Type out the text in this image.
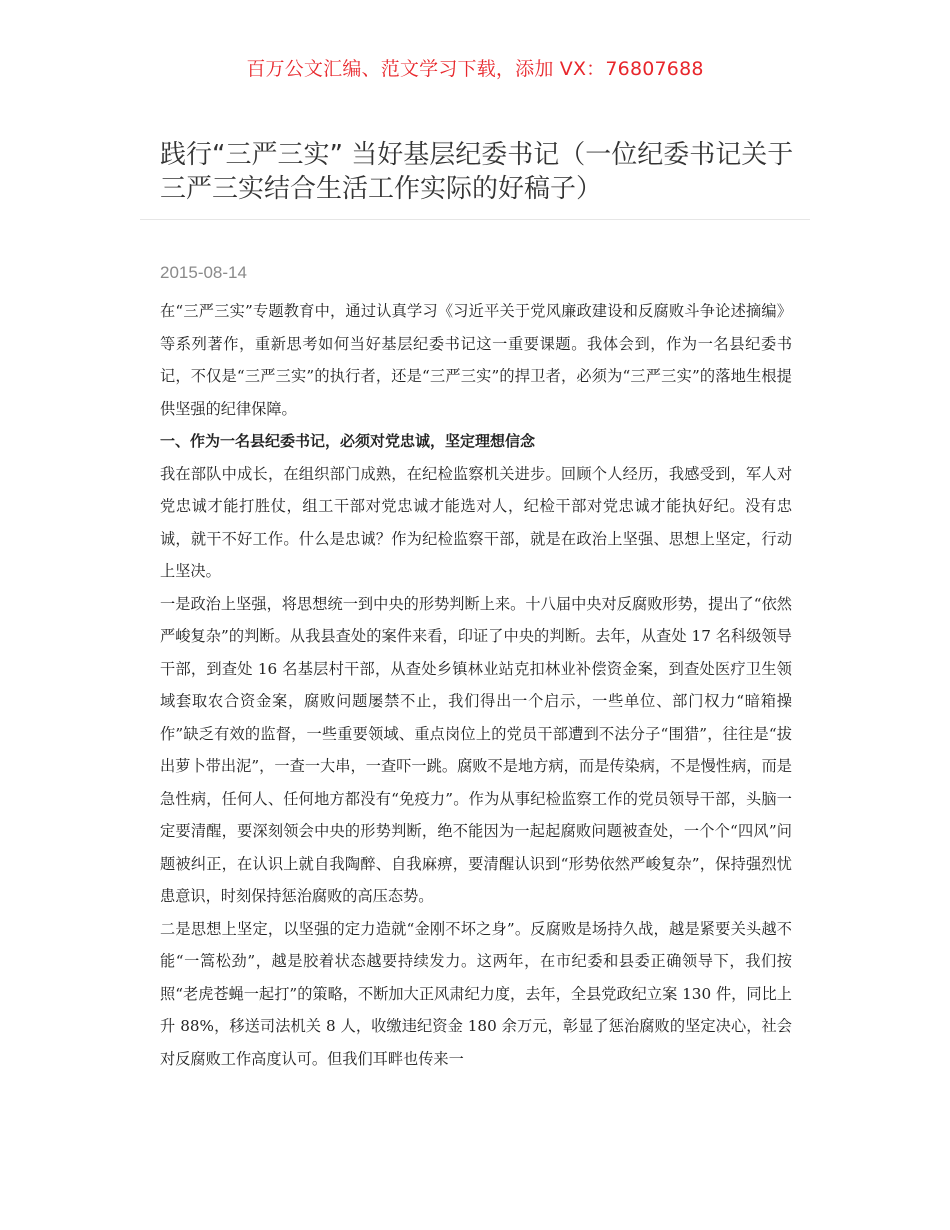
百万公文汇编、范文学习下载，添加 VX：76807688
践行“三严三实” 当好基层纪委书记（一位纪委书记关于三严三实结合生活工作实际的好稿子）
2015-08-14

在“三严三实”专题教育中，通过认真学习《习近平关于党风廉政建设和反腐败斗争论述摘编》等系列著作，重新思考如何当好基层纪委书记这一重要课题。我体会到，作为一名县纪委书记，不仅是“三严三实”的执行者，还是“三严三实”的捍卫者，必须为“三严三实”的落地生根提供坚强的纪律保障。

一、作为一名县纪委书记，必须对党忠诚，坚定理想信念

我在部队中成长，在组织部门成熟，在纪检监察机关进步。回顾个人经历，我感受到，军人对党忠诚才能打胜仗，组工干部对党忠诚才能选对人，纪检干部对党忠诚才能执好纪。没有忠诚，就干不好工作。什么是忠诚？作为纪检监察干部，就是在政治上坚强、思想上坚定，行动上坚决。

一是政治上坚强，将思想统一到中央的形势判断上来。十八届中央对反腐败形势，提出了“依然严峻复杂”的判断。从我县查处的案件来看，印证了中央的判断。去年，从查处 17 名科级领导干部，到查处 16 名基层村干部，从查处乡镇林业站克扣林业补偿资金案，到查处医疗卫生领域套取农合资金案，腐败问题屡禁不止，我们得出一个启示，一些单位、部门权力“暗箱操作”缺乏有效的监督，一些重要领域、重点岗位上的党员干部遭到不法分子“围猎”，往往是“拔出萝卜带出泥”，一查一大串，一查吓一跳。腐败不是地方病，而是传染病，不是慢性病，而是急性病，任何人、任何地方都没有“免疫力”。作为从事纪检监察工作的党员领导干部，头脑一定要清醒，要深刻领会中央的形势判断，绝不能因为一起起腐败问题被查处，一个个“四风”问题被纠正，在认识上就自我陶醉、自我麻痹，要清醒认识到“形势依然严峻复杂”，保持强烈忧患意识，时刻保持惩治腐败的高压态势。

二是思想上坚定，以坚强的定力造就“金刚不坏之身”。反腐败是场持久战，越是紧要关头越不能“一篙松劲”，越是胶着状态越要持续发力。这两年，在市纪委和县委正确领导下，我们按照“老虎苍蝇一起打”的策略，不断加大正风肃纪力度，去年，全县党政纪立案 130 件，同比上升 88%，移送司法机关 8 人，收缴违纪资金 180 余万元，彰显了惩治腐败的坚定决心，社会对反腐败工作高度认可。但我们耳畔也传来一
